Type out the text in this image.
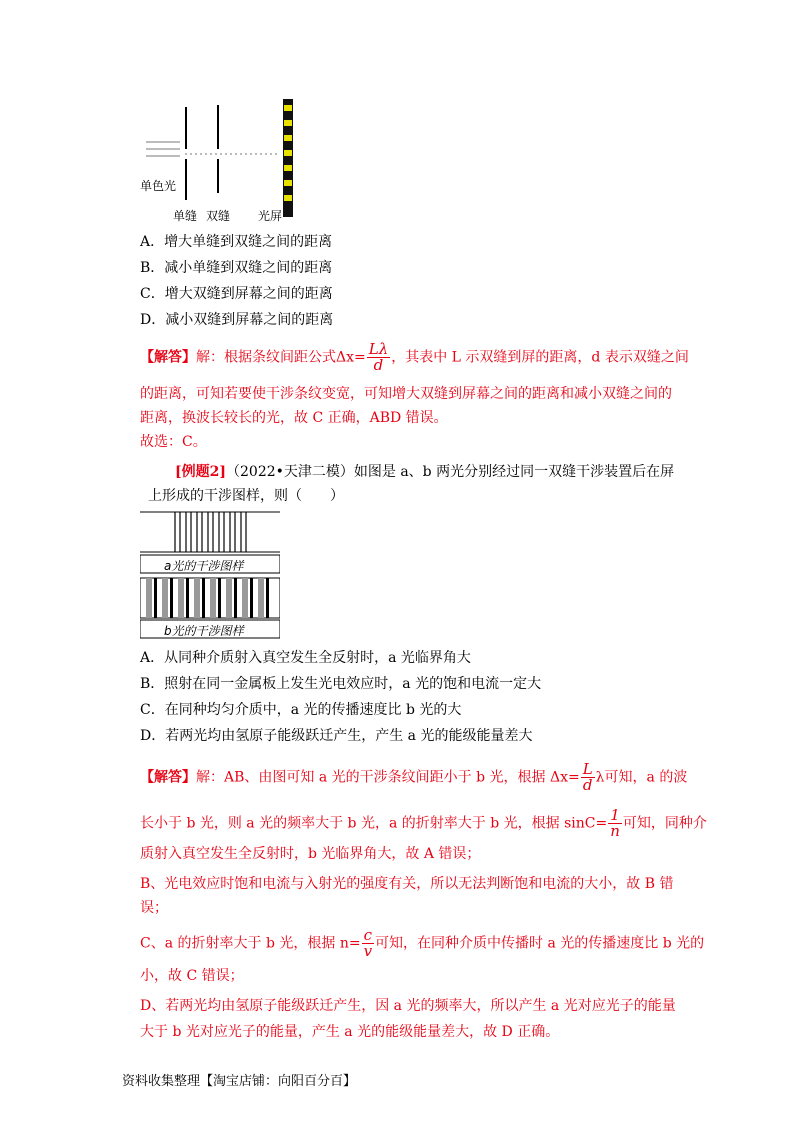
单色光
单缝 双缝 光屏
A．增大单缝到双缝之间的距离
B．减小单缝到双缝之间的距离
C．增大双缝到屏幕之间的距离
D．减小双缝到屏幕之间的距离
【解答】解：根据条纹间距公式$\Delta x= \frac{L\lambda}{d}$ ，其表中 L 示双缝到屏的距离，d 表示双缝之间
的距离，可知若要使干涉条纹变宽，可知增大双缝到屏幕之间的距离和减小双缝之间的
距离，换波长较长的光，故 C 正确，ABD 错误。
故选：C。
[例题2]（2022•天津二模）如图是 a、b 两光分别经过同一双缝干涉装置后在屏
上形成的干涉图样，则（　　）
a光的干涉图样
b光的干涉图样
A．从同种介质射入真空发生全反射时，a 光临界角大
B．照射在同一金属板上发生光电效应时，a 光的饱和电流一定大
C．在同种均匀介质中，a 光的传播速度比 b 光的大
D．若两光均由氢原子能级跃迁产生，产生 a 光的能级能量差大
【解答】解：AB、由图可知 a 光的干涉条纹间距小于 b 光，根据 $\Delta x= \frac{L}{d}$ λ可知，a 的波
长小于 b 光，则 a 光的频率大于 b 光，a 的折射率大于 b 光，根据 $\sin C= \frac{1}{n}$ 可知，同种介
质射入真空发生全反射时，b 光临界角大，故 A 错误；
B、光电效应时饱和电流与入射光的强度有关，所以无法判断饱和电流的大小，故 B 错
误；
C、a 的折射率大于 b 光，根据 $n= \frac{c}{v}$ 可知，在同种介质中传播时 a 光的传播速度比 b 光的
小，故 C 错误；
D、若两光均由氢原子能级跃迁产生，因 a 光的频率大，所以产生 a 光对应光子的能量
大于 b 光对应光子的能量，产生 a 光的能级能量差大，故 D 正确。
资料收集整理【淘宝店铺：向阳百分百】
